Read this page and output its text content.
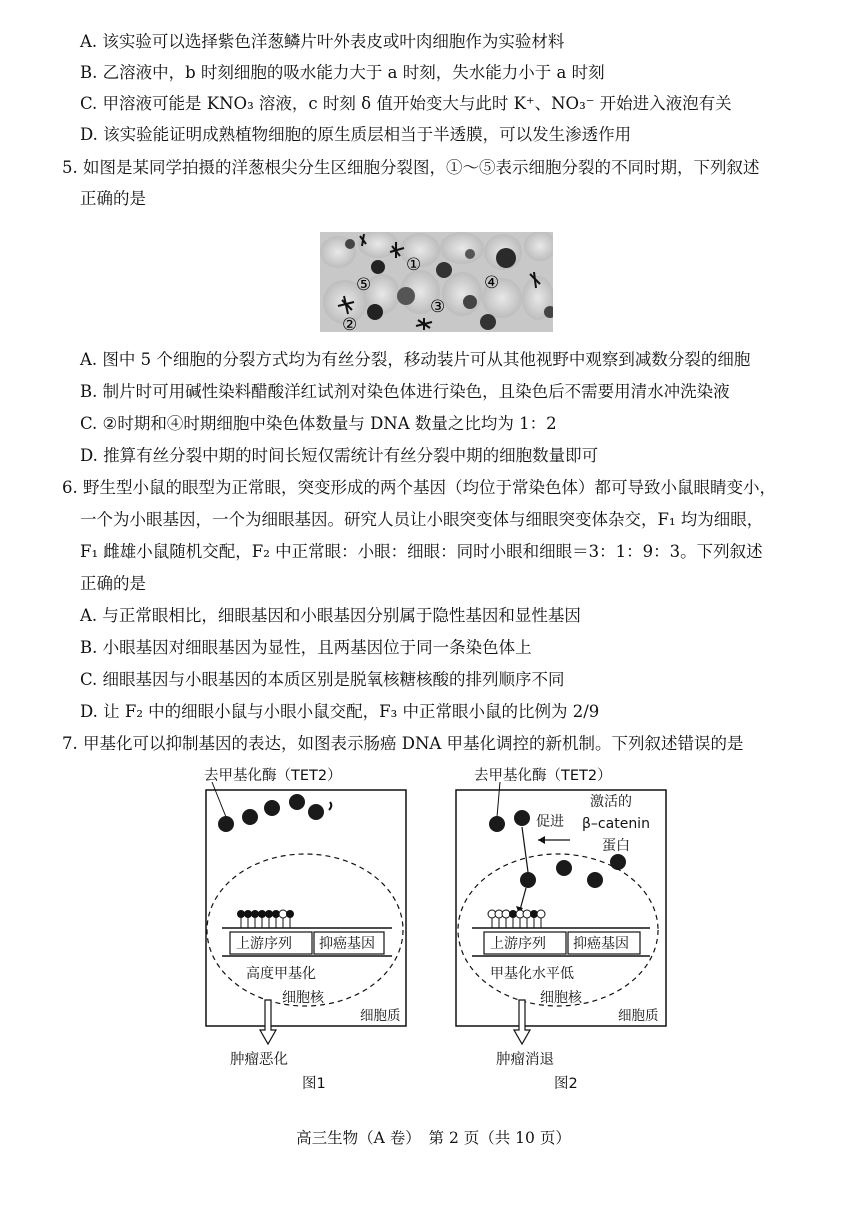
A. 该实验可以选择紫色洋葱鳞片叶外表皮或叶肉细胞作为实验材料
B. 乙溶液中，b 时刻细胞的吸水能力大于 a 时刻，失水能力小于 a 时刻
C. 甲溶液可能是 KNO₃ 溶液，c 时刻 δ 值开始变大与此时 K⁺、NO₃⁻ 开始进入液泡有关
D. 该实验能证明成熟植物细胞的原生质层相当于半透膜，可以发生渗透作用
5. 如图是某同学拍摄的洋葱根尖分生区细胞分裂图，①～⑤表示细胞分裂的不同时期，下列叙述
正确的是
①
②
③
④
⑤
A. 图中 5 个细胞的分裂方式均为有丝分裂，移动装片可从其他视野中观察到减数分裂的细胞
B. 制片时可用碱性染料醋酸洋红试剂对染色体进行染色，且染色后不需要用清水冲洗染液
C. ②时期和④时期细胞中染色体数量与 DNA 数量之比均为 1：2
D. 推算有丝分裂中期的时间长短仅需统计有丝分裂中期的细胞数量即可
6. 野生型小鼠的眼型为正常眼，突变形成的两个基因（均位于常染色体）都可导致小鼠眼睛变小，
一个为小眼基因，一个为细眼基因。研究人员让小眼突变体与细眼突变体杂交，F₁ 均为细眼，
F₁ 雌雄小鼠随机交配，F₂ 中正常眼：小眼：细眼：同时小眼和细眼＝3：1：9：3。下列叙述
正确的是
A. 与正常眼相比，细眼基因和小眼基因分别属于隐性基因和显性基因
B. 小眼基因对细眼基因为显性，且两基因位于同一条染色体上
C. 细眼基因与小眼基因的本质区别是脱氧核糖核酸的排列顺序不同
D. 让 F₂ 中的细眼小鼠与小眼小鼠交配，F₃ 中正常眼小鼠的比例为 2/9
7. 甲基化可以抑制基因的表达，如图表示肠癌 DNA 甲基化调控的新机制。下列叙述错误的是
去甲基化酶（TET2）
上游序列 抑癌基因
高度甲基化
细胞核
细胞质
肿瘤恶化
图1
去甲基化酶（TET2）
促进
激活的
β–catenin
蛋白
上游序列 抑癌基因
甲基化水平低
细胞核
细胞质
肿瘤消退
图2
高三生物（A 卷）　第 2 页（共 10 页）
